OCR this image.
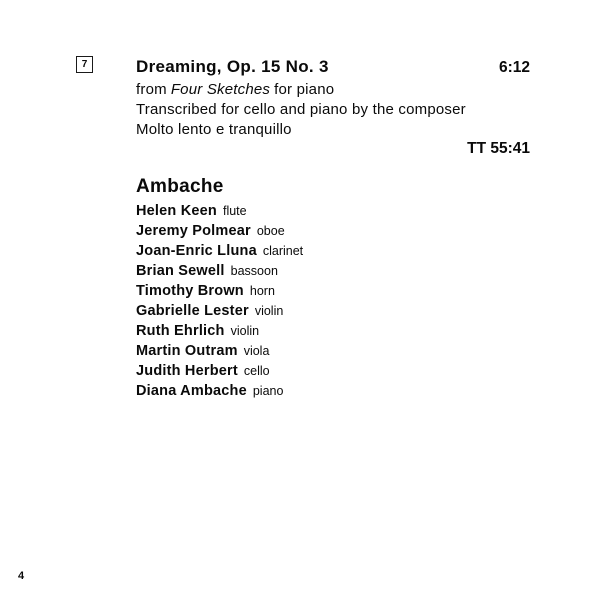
7	Dreaming, Op. 15 No. 3	6:12
from Four Sketches for piano
Transcribed for cello and piano by the composer
Molto lento e tranquillo
TT 55:41
Ambache
Helen Keen flute
Jeremy Polmear oboe
Joan-Enric Lluna clarinet
Brian Sewell bassoon
Timothy Brown horn
Gabrielle Lester violin
Ruth Ehrlich violin
Martin Outram viola
Judith Herbert cello
Diana Ambache piano
4
